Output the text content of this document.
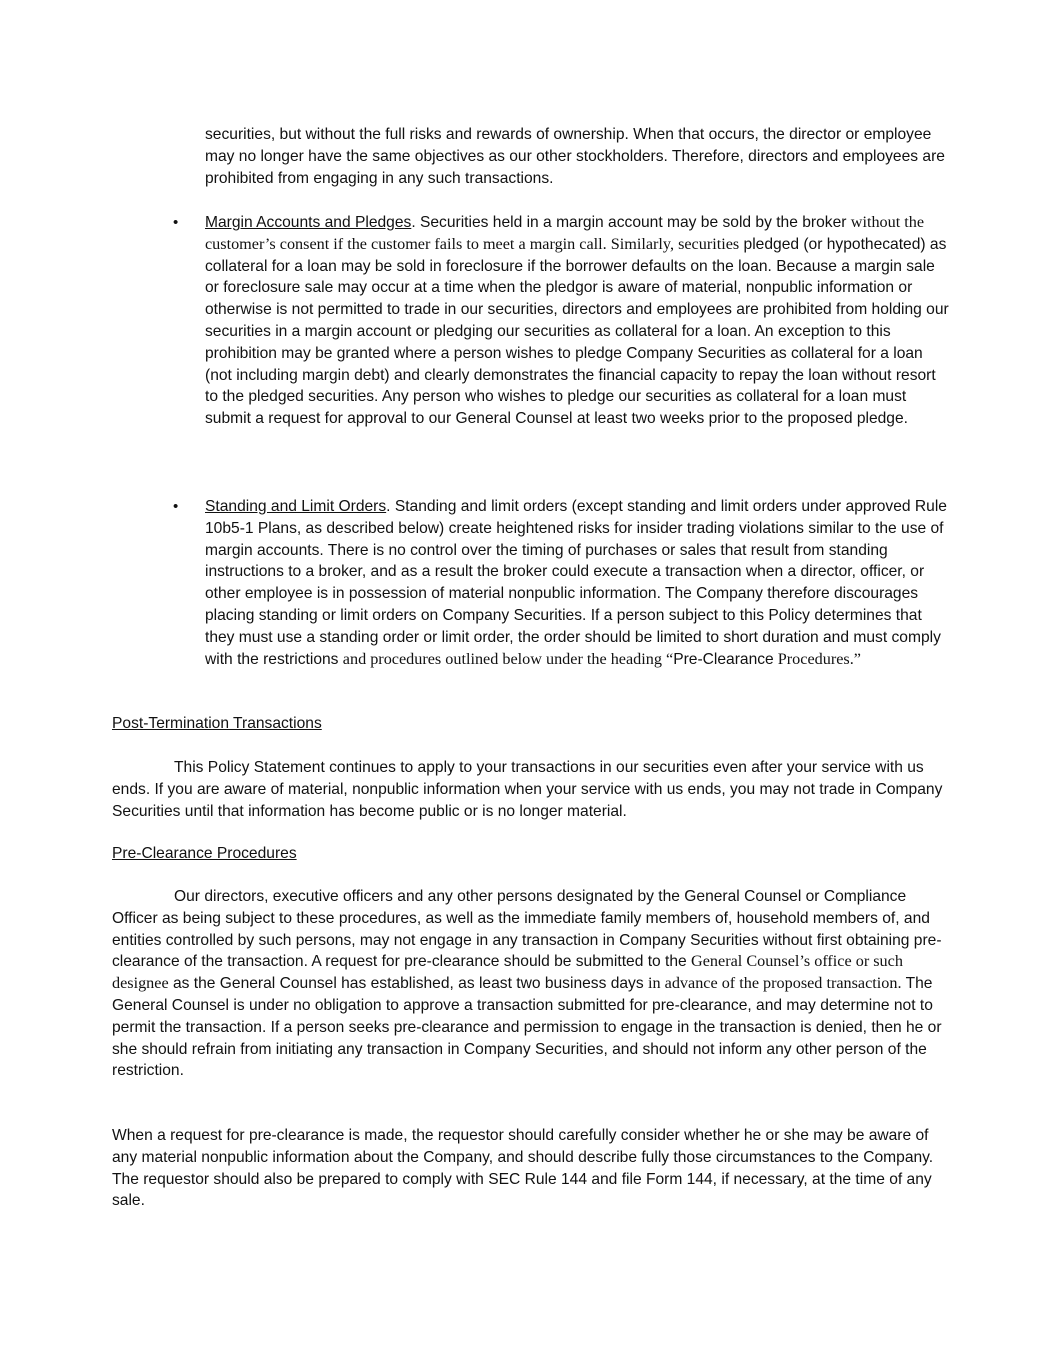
securities, but without the full risks and rewards of ownership. When that occurs, the director or employee may no longer have the same objectives as our other stockholders. Therefore, directors and employees are prohibited from engaging in any such transactions.

• Margin Accounts and Pledges. Securities held in a margin account may be sold by the broker without the customer’s consent if the customer fails to meet a margin call. Similarly, securities pledged (or hypothecated) as collateral for a loan may be sold in foreclosure if the borrower defaults on the loan. Because a margin sale or foreclosure sale may occur at a time when the pledgor is aware of material, nonpublic information or otherwise is not permitted to trade in our securities, directors and employees are prohibited from holding our securities in a margin account or pledging our securities as collateral for a loan. An exception to this prohibition may be granted where a person wishes to pledge Company Securities as collateral for a loan (not including margin debt) and clearly demonstrates the financial capacity to repay the loan without resort to the pledged securities. Any person who wishes to pledge our securities as collateral for a loan must submit a request for approval to our General Counsel at least two weeks prior to the proposed pledge.

• Standing and Limit Orders. Standing and limit orders (except standing and limit orders under approved Rule 10b5-1 Plans, as described below) create heightened risks for insider trading violations similar to the use of margin accounts. There is no control over the timing of purchases or sales that result from standing instructions to a broker, and as a result the broker could execute a transaction when a director, officer, or other employee is in possession of material nonpublic information. The Company therefore discourages placing standing or limit orders on Company Securities. If a person subject to this Policy determines that they must use a standing order or limit order, the order should be limited to short duration and must comply with the restrictions and procedures outlined below under the heading “Pre-Clearance Procedures.”

Post-Termination Transactions

This Policy Statement continues to apply to your transactions in our securities even after your service with us ends. If you are aware of material, nonpublic information when your service with us ends, you may not trade in Company Securities until that information has become public or is no longer material.

Pre-Clearance Procedures

Our directors, executive officers and any other persons designated by the General Counsel or Compliance Officer as being subject to these procedures, as well as the immediate family members of, household members of, and entities controlled by such persons, may not engage in any transaction in Company Securities without first obtaining pre-clearance of the transaction. A request for pre-clearance should be submitted to the General Counsel’s office or such designee as the General Counsel has established, as least two business days in advance of the proposed transaction. The General Counsel is under no obligation to approve a transaction submitted for pre-clearance, and may determine not to permit the transaction. If a person seeks pre-clearance and permission to engage in the transaction is denied, then he or she should refrain from initiating any transaction in Company Securities, and should not inform any other person of the restriction.

When a request for pre-clearance is made, the requestor should carefully consider whether he or she may be aware of any material nonpublic information about the Company, and should describe fully those circumstances to the Company. The requestor should also be prepared to comply with SEC Rule 144 and file Form 144, if necessary, at the time of any sale.
